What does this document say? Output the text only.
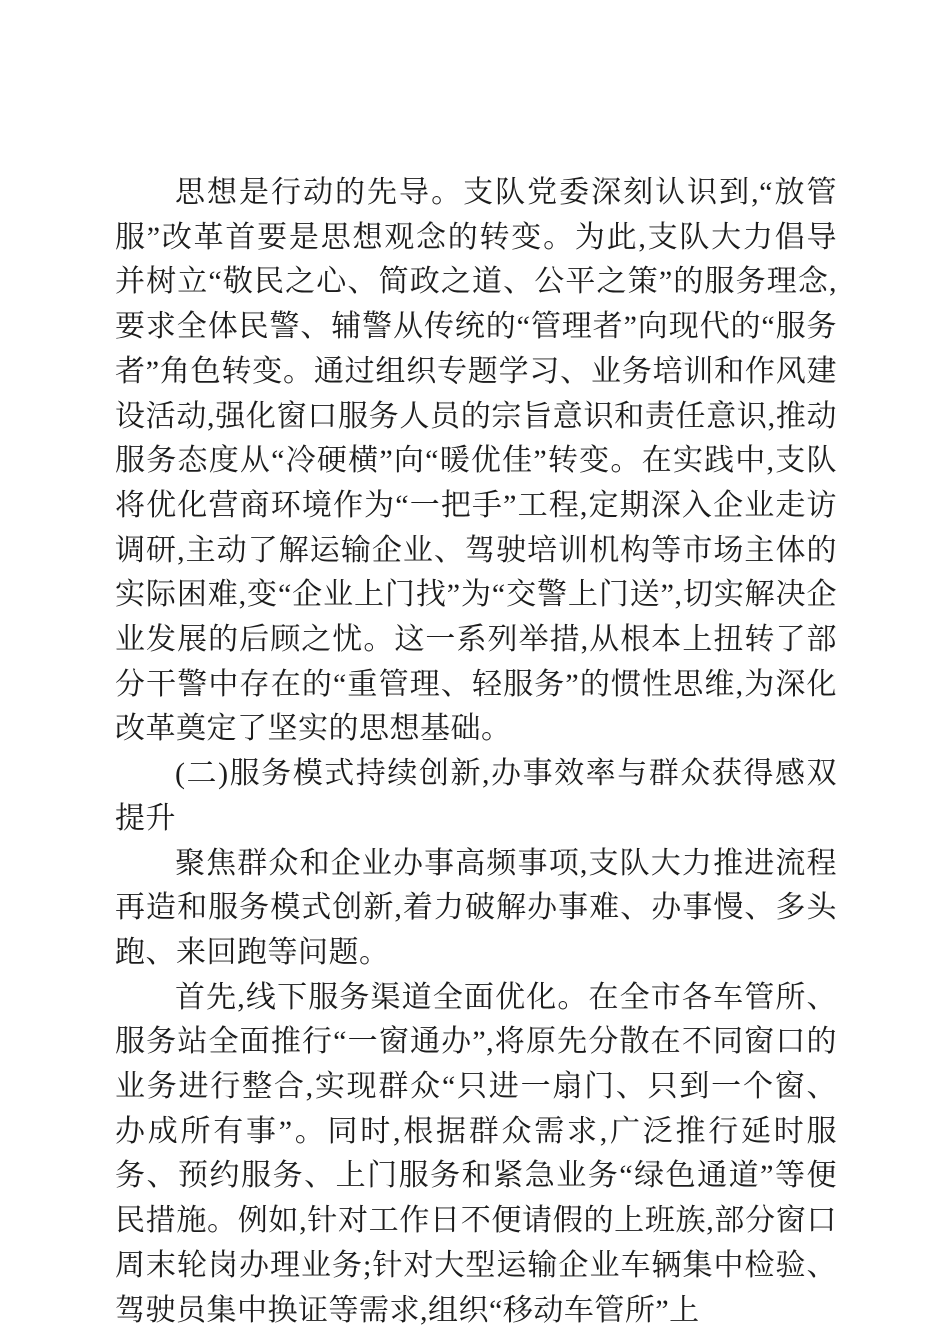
思想是行动的先导。支队党委深刻认识到,“放管服”改革首要是思想观念的转变。为此,支队大力倡导并树立“敬民之心、简政之道、公平之策”的服务理念,要求全体民警、辅警从传统的“管理者”向现代的“服务者”角色转变。通过组织专题学习、业务培训和作风建设活动,强化窗口服务人员的宗旨意识和责任意识,推动服务态度从“冷硬横”向“暖优佳”转变。在实践中,支队将优化营商环境作为“一把手”工程,定期深入企业走访调研,主动了解运输企业、驾驶培训机构等市场主体的实际困难,变“企业上门找”为“交警上门送”,切实解决企业发展的后顾之忧。这一系列举措,从根本上扭转了部分干警中存在的“重管理、轻服务”的惯性思维,为深化改革奠定了坚实的思想基础。

(二)服务模式持续创新,办事效率与群众获得感双提升

聚焦群众和企业办事高频事项,支队大力推进流程再造和服务模式创新,着力破解办事难、办事慢、多头跑、来回跑等问题。

首先,线下服务渠道全面优化。在全市各车管所、服务站全面推行“一窗通办”,将原先分散在不同窗口的业务进行整合,实现群众“只进一扇门、只到一个窗、办成所有事”。同时,根据群众需求,广泛推行延时服务、预约服务、上门服务和紧急业务“绿色通道”等便民措施。例如,针对工作日不便请假的上班族,部分窗口周末轮岗办理业务;针对大型运输企业车辆集中检验、驾驶员集中换证等需求,组织“移动车管所”上
